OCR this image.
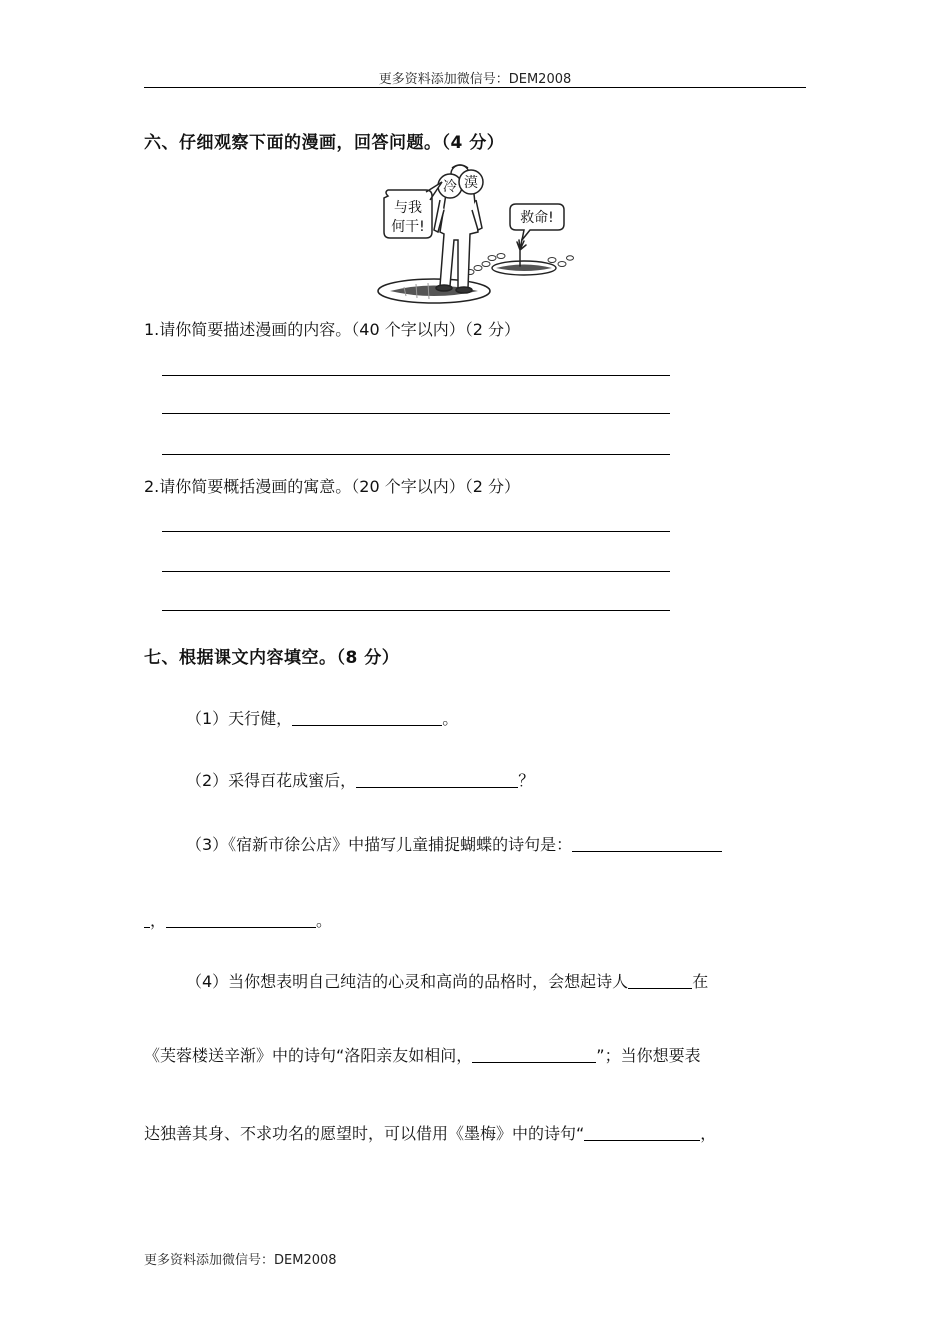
更多资料添加微信号：DEM2008
六、仔细观察下面的漫画，回答问题。（4 分）
冷 漠
与我
何干!
救命!
1.请你简要描述漫画的内容。（40 个字以内）（2 分）
2.请你简要概括漫画的寓意。（20 个字以内）（2 分）
七、根据课文内容填空。（8 分）
（1）天行健，	。
（2）采得百花成蜜后，	？
（3）《宿新市徐公店》中描写儿童捕捉蝴蝶的诗句是：
，	。
（4）当你想表明自己纯洁的心灵和高尚的品格时，会想起诗人	在
《芙蓉楼送辛渐》中的诗句“洛阳亲友如相问，	”；当你想要表
达独善其身、不求功名的愿望时，可以借用《墨梅》中的诗句“	，
更多资料添加微信号：DEM2008
